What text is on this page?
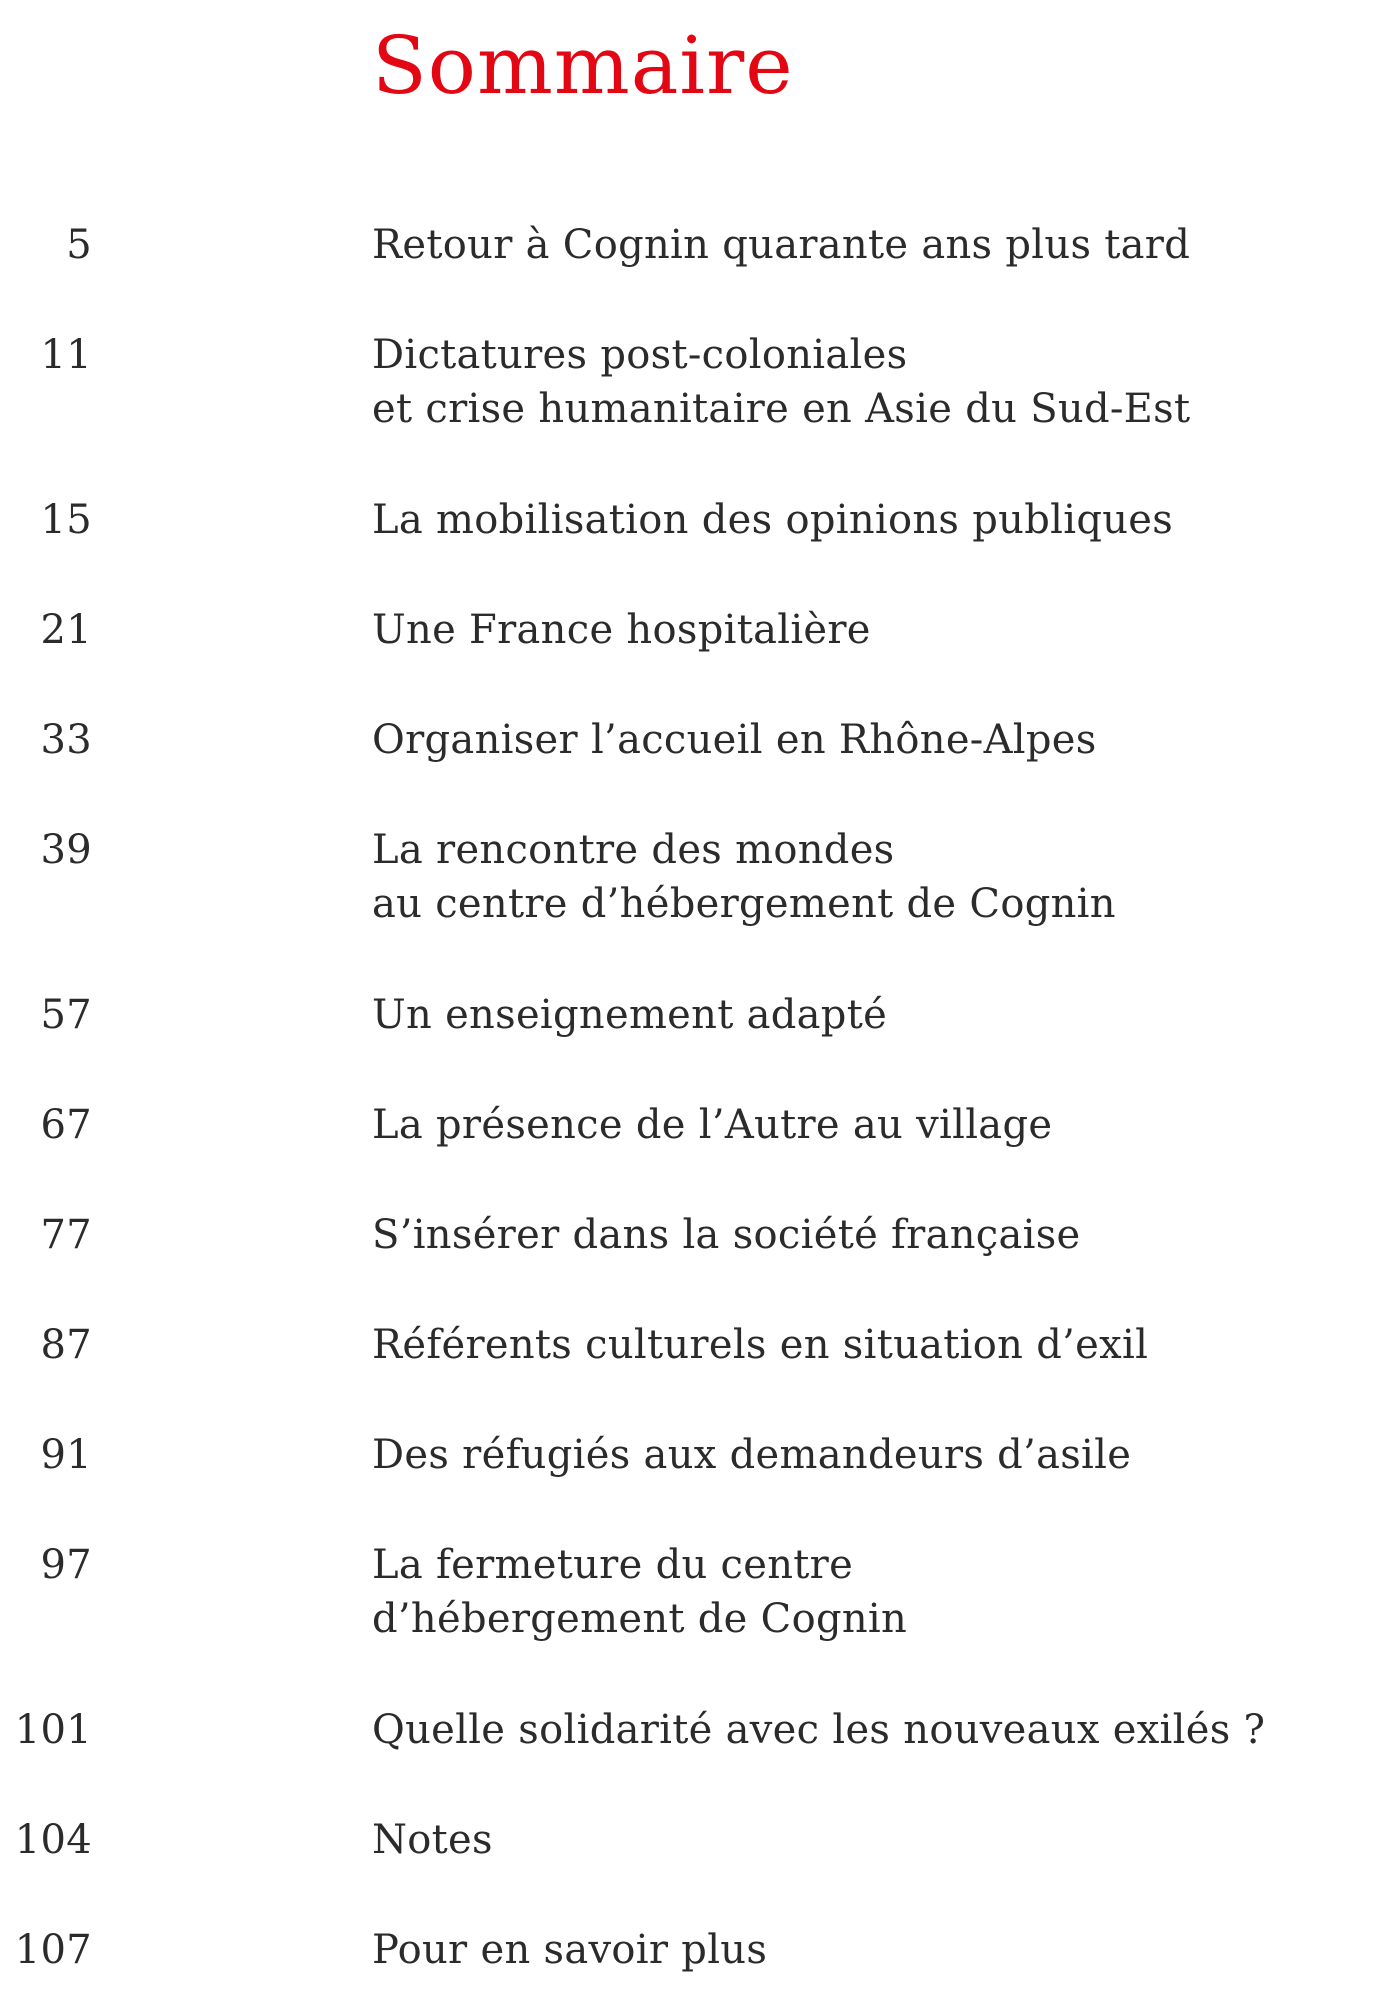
Sommaire
5	Retour à Cognin quarante ans plus tard
11	Dictatures post-coloniales
et crise humanitaire en Asie du Sud-Est
15	La mobilisation des opinions publiques
21	Une France hospitalière
33	Organiser l’accueil en Rhône-Alpes
39	La rencontre des mondes
au centre d’hébergement de Cognin
57	Un enseignement adapté
67	La présence de l’Autre au village
77	S’insérer dans la société française
87	Référents culturels en situation d’exil
91	Des réfugiés aux demandeurs d’asile
97	La fermeture du centre
d’hébergement de Cognin
101	Quelle solidarité avec les nouveaux exilés ?
104	Notes
107	Pour en savoir plus
